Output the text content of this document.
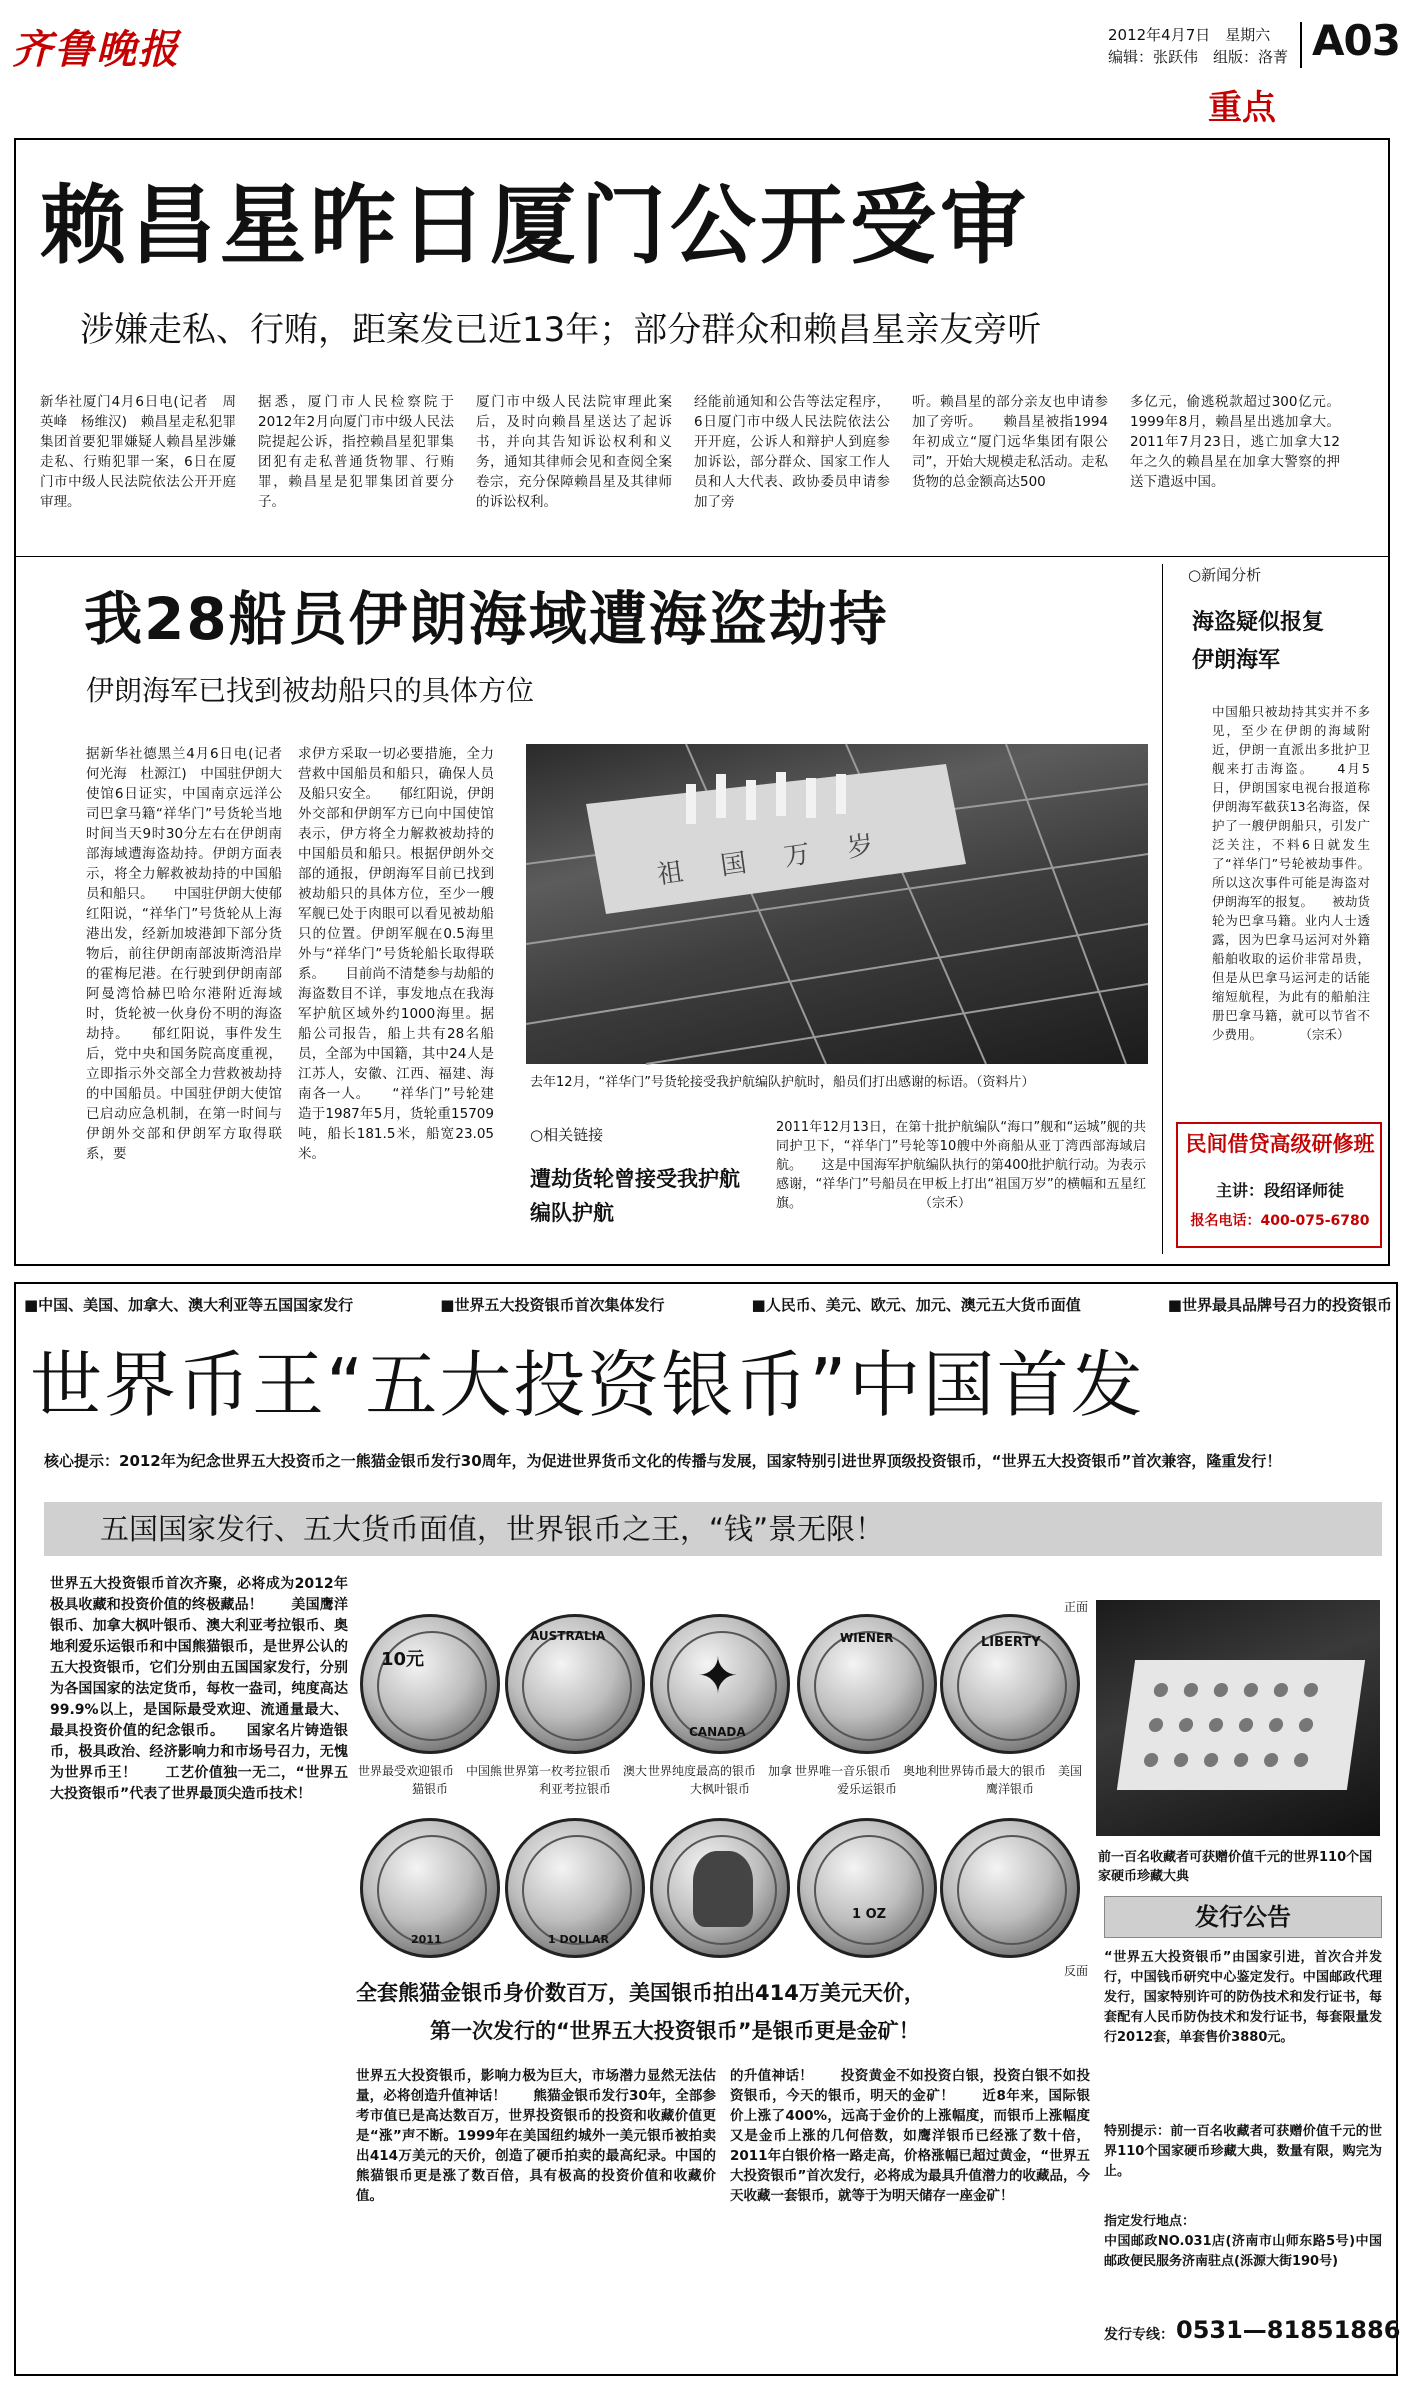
齐鲁晚报	2012年4月7日　星期六
编辑：张跃伟　组版：洛菁 A03
重点
赖昌星昨日厦门公开受审
涉嫌走私、行贿，距案发已近13年；部分群众和赖昌星亲友旁听
新华社厦门4月6日电(记者　周英峰　杨维汉)　赖昌星走私犯罪集团首要犯罪嫌疑人赖昌星涉嫌走私、行贿犯罪一案，6日在厦门市中级人民法院依法公开开庭审理。
据悉，厦门市人民检察院于2012年2月向厦门市中级人民法院提起公诉，指控赖昌星犯罪集团犯有走私普通货物罪、行贿罪，赖昌星是犯罪集团首要分子。
厦门市中级人民法院审理此案后，及时向赖昌星送达了起诉书，并向其告知诉讼权利和义务，通知其律师会见和查阅全案卷宗，充分保障赖昌星及其律师的诉讼权利。
经能前通知和公告等法定程序，6日厦门市中级人民法院依法公开开庭，公诉人和辩护人到庭参加诉讼，部分群众、国家工作人员和人大代表、政协委员申请参加了旁
听。赖昌星的部分亲友也申请参加了旁听。　　赖昌星被指1994年初成立“厦门远华集团有限公司”，开始大规模走私活动。走私货物的总金额高达500
多亿元，偷逃税款超过300亿元。1999年8月，赖昌星出逃加拿大。2011年7月23日，逃亡加拿大12年之久的赖昌星在加拿大警察的押送下遣返中国。
我28船员伊朗海域遭海盗劫持
伊朗海军已找到被劫船只的具体方位
据新华社德黑兰4月6日电(记者　何光海　杜源江)　中国驻伊朗大使馆6日证实，中国南京远洋公司巴拿马籍“祥华门”号货轮当地时间当天9时30分左右在伊朗南部海域遭海盗劫持。伊朗方面表示，将全力解救被劫持的中国船员和船只。　　中国驻伊朗大使郁红阳说，“祥华门”号货轮从上海港出发，经新加坡港卸下部分货物后，前往伊朗南部波斯湾沿岸的霍梅尼港。在行驶到伊朗南部阿曼湾恰赫巴哈尔港附近海域时，货轮被一伙身份不明的海盗劫持。　　郁红阳说，事件发生后，党中央和国务院高度重视，立即指示外交部全力营救被劫持的中国船员。中国驻伊朗大使馆已启动应急机制，在第一时间与伊朗外交部和伊朗军方取得联系，要
求伊方采取一切必要措施，全力营救中国船员和船只，确保人员及船只安全。　　郁红阳说，伊朗外交部和伊朗军方已向中国使馆表示，伊方将全力解救被劫持的中国船员和船只。根据伊朗外交部的通报，伊朗海军目前已找到被劫船只的具体方位，至少一艘军舰已处于肉眼可以看见被劫船只的位置。伊朗军舰在0.5海里外与“祥华门”号货轮船长取得联系。　　目前尚不清楚参与劫船的海盗数目不详，事发地点在我海军护航区域外约1000海里。据船公司报告，船上共有28名船员，全部为中国籍，其中24人是江苏人，安徽、江西、福建、海南各一人。　　“祥华门”号轮建造于1987年5月，货轮重15709吨，船长181.5米，船宽23.05米。
祖　国　万　岁
去年12月，“祥华门”号货轮接受我护航编队护航时，船员们打出感谢的标语。（资料片）
○相关链接
遭劫货轮曾接受我护航编队护航
2011年12月13日，在第十批护航编队“海口”舰和“运城”舰的共同护卫下，“祥华门”号轮等10艘中外商船从亚丁湾西部海域启航。　　这是中国海军护航编队执行的第400批护航行动。为表示感谢，“祥华门”号船员在甲板上打出“祖国万岁”的横幅和五星红旗。　　　　　　　　　　（宗禾）
○新闻分析
海盗疑似报复伊朗海军
中国船只被劫持其实并不多见，至少在伊朗的海域附近，伊朗一直派出多批护卫舰来打击海盗。　　4月5日，伊朗国家电视台报道称伊朗海军截获13名海盗，保护了一艘伊朗船只，引发广泛关注，不料6日就发生了“祥华门”号轮被劫事件。所以这次事件可能是海盗对伊朗海军的报复。　　被劫货轮为巴拿马籍。业内人士透露，因为巴拿马运河对外籍船舶收取的运价非常昂贵，但是从巴拿马运河走的话能缩短航程，为此有的船舶注册巴拿马籍，就可以节省不少费用。　　　　（宗禾）
民间借贷高级研修班
主讲：段绍译师徒
报名电话：400-075-6780
■中国、美国、加拿大、澳大利亚等五国国家发行	■世界五大投资银币首次集体发行	■人民币、美元、欧元、加元、澳元五大货币面值	■世界最具品牌号召力的投资银币
世界币王“五大投资银币”中国首发
核心提示：2012年为纪念世界五大投资币之一熊猫金银币发行30周年，为促进世界货币文化的传播与发展，国家特别引进世界顶级投资银币，“世界五大投资银币”首次兼容，隆重发行！
五国国家发行、五大货币面值，世界银币之王，“钱”景无限！
世界五大投资银币首次齐聚，必将成为2012年极具收藏和投资价值的终极藏品！　　美国鹰洋银币、加拿大枫叶银币、澳大利亚考拉银币、奥地利爱乐运银币和中国熊猫银币，是世界公认的五大投资银币，它们分别由五国国家发行，分别为各国国家的法定货币，每枚一盎司，纯度高达99.9%以上，是国际最受欢迎、流通量最大、最具投资价值的纪念银币。　　国家名片铸造银币，极具政治、经济影响力和市场号召力，无愧为世界币王！　　工艺价值独一无二，“世界五大投资银币”代表了世界最顶尖造币技术！
10元
AUSTRALIA
✦
CANADA
WIENER	LIBERTY
正面
世界最受欢迎银币　中国熊猫银币
世界第一枚考拉银币　澳大利亚考拉银币
世界纯度最高的银币　加拿大枫叶银币
世界唯一音乐银币　奥地利爱乐运银币
世界铸币最大的银币　美国鹰洋银币
2011	1 DOLLAR
1 OZ
反面
前一百名收藏者可获赠价值千元的世界110个国家硬币珍藏大典
全套熊猫金银币身价数百万，美国银币拍出414万美元天价，
第一次发行的“世界五大投资银币”是银币更是金矿！
世界五大投资银币，影响力极为巨大，市场潜力显然无法估量，必将创造升值神话！　　熊猫金银币发行30年，全部参考市值已是高达数百万，世界投资银币的投资和收藏价值更是“涨”声不断。1999年在美国纽约城外一美元银币被拍卖出414万美元的天价，创造了硬币拍卖的最高纪录。中国的熊猫银币更是涨了数百倍，具有极高的投资价值和收藏价值。
的升值神话！　　投资黄金不如投资白银，投资白银不如投资银币，今天的银币，明天的金矿！　　近8年来，国际银价上涨了400%，远高于金价的上涨幅度，而银币上涨幅度又是金币上涨的几何倍数，如鹰洋银币已经涨了数十倍，2011年白银价格一路走高，价格涨幅已超过黄金，“世界五大投资银币”首次发行，必将成为最具升值潜力的收藏品，今天收藏一套银币，就等于为明天储存一座金矿！
发行公告
“世界五大投资银币”由国家引进，首次合并发行，中国钱币研究中心鉴定发行。中国邮政代理发行，国家特别许可的防伪技术和发行证书，每套配有人民币防伪技术和发行证书，每套限量发行2012套，单套售价3880元。
特别提示：前一百名收藏者可获赠价值千元的世界110个国家硬币珍藏大典，数量有限，购完为止。
指定发行地点：
中国邮政NO.031店(济南市山师东路5号)中国邮政便民服务济南驻点(泺源大街190号)
发行专线： 0531—81851886
